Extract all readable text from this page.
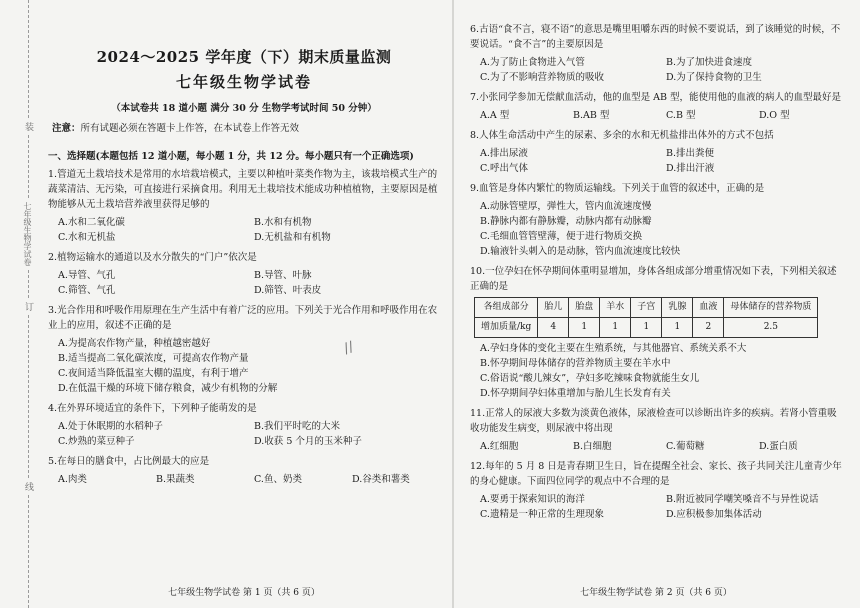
装
订
线
七年级生物学试卷
2024～2025 学年度（下）期末质量监测
七年级生物学试卷
（本试卷共 18 道小题 满分 30 分 生物学考试时间 50 分钟）
注意：所有试题必须在答题卡上作答，在本试卷上作答无效
一、选择题(本题包括 12 道小题，每小题 1 分，共 12 分。每小题只有一个正确选项)
1.管道无土栽培技术是常用的水培栽培模式，主要以种植叶菜类作物为主，该栽培模式生产的蔬菜清洁、无污染，可直接进行采摘食用。利用无土栽培技术能成功种植植物，主要原因是植物能够从无土栽培营养液里获得足够的
A.水和二氧化碳	B.水和有机物
C.水和无机盐	D.无机盐和有机物
2.植物运输水的通道以及水分散失的“门户”依次是
A.导管、气孔	B.导管、叶脉
C.筛管、气孔	D.筛管、叶表皮
3.光合作用和呼吸作用原理在生产生活中有着广泛的应用。下列关于光合作用和呼吸作用在农业上的应用，叙述不正确的是
A.为提高农作物产量，种植越密越好
B.适当提高二氧化碳浓度，可提高农作物产量
C.夜间适当降低温室大棚的温度，有利于增产
D.在低温干燥的环境下储存粮食，减少有机物的分解
4.在外界环境适宜的条件下，下列种子能萌发的是
A.处于休眠期的水稻种子	B.我们平时吃的大米
C.炒熟的菜豆种子	D.收获 5 个月的玉米种子
5.在每日的膳食中，占比例最大的应是
A.肉类	B.果蔬类	C.鱼、奶类	D.谷类和薯类
∕∕
七年级生物学试卷 第 1 页（共 6 页）
6.古语“食不言，寝不语”的意思是嘴里咀嚼东西的时候不要说话，到了该睡觉的时候，不要说话。“食不言”的主要原因是
A.为了防止食物进入气管	B.为了加快进食速度
C.为了不影响营养物质的吸收	D.为了保持食物的卫生
7.小张同学参加无偿献血活动，他的血型是 AB 型，能使用他的血液的病人的血型最好是
A.A 型	B.AB 型	C.B 型	D.O 型
8.人体生命活动中产生的尿素、多余的水和无机盐排出体外的方式不包括
A.排出尿液	B.排出粪便
C.呼出气体	D.排出汗液
9.血管是身体内繁忙的物质运输线。下列关于血管的叙述中，正确的是
A.动脉管壁厚，弹性大，管内血流速度慢
B.静脉内都有静脉瓣，动脉内都有动脉瓣
C.毛细血管管壁薄，便于进行物质交换
D.输液针头刺入的是动脉，管内血流速度比较快
10.一位孕妇在怀孕期间体重明显增加，身体各组成部分增重情况如下表，下列相关叙述正确的是
各组成部分	胎儿	胎盘	羊水	子宫	乳腺	血液	母体储存的营养物质
增加质量/kg	4	1	1	1	1	2	2.5
A.孕妇身体的变化主要在生殖系统，与其他器官、系统关系不大
B.怀孕期间母体储存的营养物质主要在羊水中
C.俗语说“酸儿辣女”，孕妇多吃辣味食物就能生女儿
D.怀孕期间孕妇体重增加与胎儿生长发育有关
11.正常人的尿液大多数为淡黄色液体，尿液检查可以诊断出许多的疾病。若肾小管重吸收功能发生病变，则尿液中将出现
A.红细胞	B.白细胞	C.葡萄糖	D.蛋白质
12.每年的 5 月 8 日是青春期卫生日，旨在提醒全社会、家长、孩子共同关注儿童青少年的身心健康。下面四位同学的观点中不合理的是
A.要勇于探索知识的海洋	B.附近被同学嘲笑嗓音不与异性说话
C.遗精是一种正常的生理现象	D.应积极参加集体活动
七年级生物学试卷 第 2 页（共 6 页）
